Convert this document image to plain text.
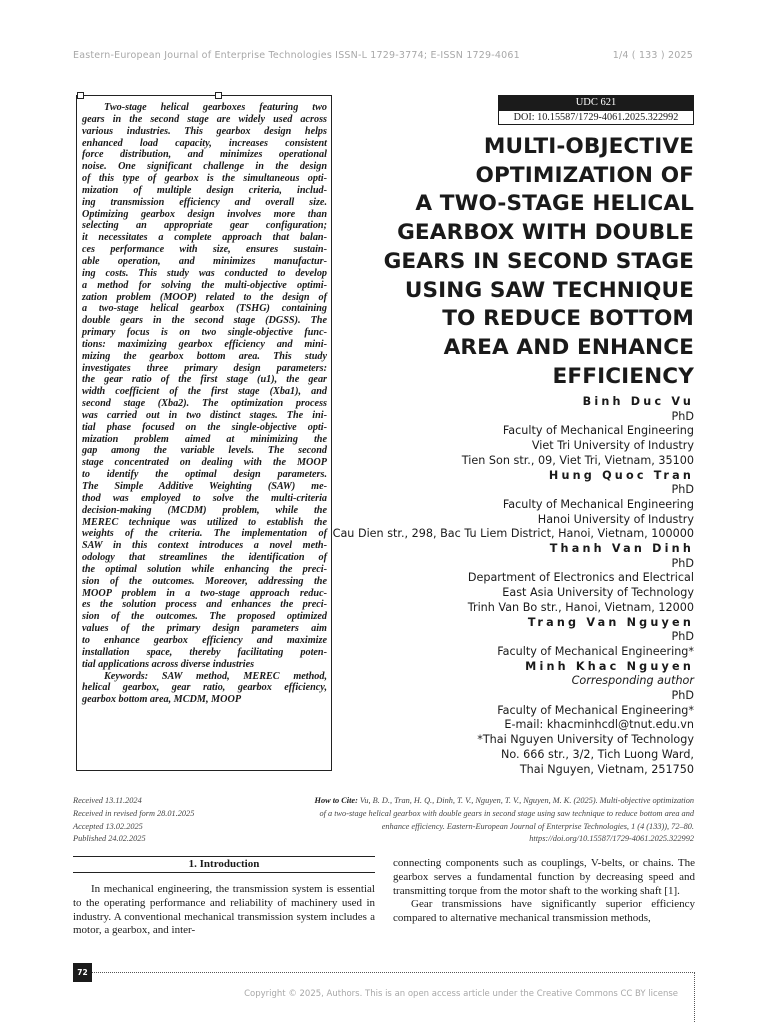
Eastern-European Journal of Enterprise Technologies ISSN-L 1729-3774; E-ISSN 1729-4061	1/4 ( 133 ) 2025
Two-stage helical gearboxes featuring two
gears in the second stage are widely used across
various industries. This gearbox design helps
enhanced load capacity, increases consistent
force distribution, and minimizes operational
noise. One significant challenge in the design
of this type of gearbox is the simultaneous opti-
mization of multiple design criteria, includ-
ing transmission efficiency and overall size.
Optimizing gearbox design involves more than
selecting an appropriate gear configuration;
it necessitates a complete approach that balan-
ces performance with size, ensures sustain-
able operation, and minimizes manufactur-
ing costs. This study was conducted to develop
a method for solving the multi-objective optimi-
zation problem (MOOP) related to the design of
a two-stage helical gearbox (TSHG) containing
double gears in the second stage (DGSS). The
primary focus is on two single-objective func-
tions: maximizing gearbox efficiency and mini-
mizing the gearbox bottom area. This study
investigates three primary design parameters:
the gear ratio of the first stage (u1), the gear
width coefficient of the first stage (Xba1), and
second stage (Xba2). The optimization process
was carried out in two distinct stages. The ini-
tial phase focused on the single-objective opti-
mization problem aimed at minimizing the
gap among the variable levels. The second
stage concentrated on dealing with the MOOP
to identify the optimal design parameters.
The Simple Additive Weighting (SAW) me-
thod was employed to solve the multi-criteria
decision-making (MCDM) problem, while the
MEREC technique was utilized to establish the
weights of the criteria. The implementation of
SAW in this context introduces a novel meth-
odology that streamlines the identification of
the optimal solution while enhancing the preci-
sion of the outcomes. Moreover, addressing the
MOOP problem in a two-stage approach reduc-
es the solution process and enhances the preci-
sion of the outcomes. The proposed optimized
values of the primary design parameters aim
to enhance gearbox efficiency and maximize
installation space, thereby facilitating poten-
tial applications across diverse industries
Keywords: SAW method, MEREC method,
helical gearbox, gear ratio, gearbox efficiency,
gearbox bottom area, MCDM, MOOP
UDC 621
DOI: 10.15587/1729-4061.2025.322992
MULTI-OBJECTIVE
OPTIMIZATION OF
A TWO-STAGE HELICAL
GEARBOX WITH DOUBLE
GEARS IN SECOND STAGE
USING SAW TECHNIQUE
TO REDUCE BOTTOM
AREA AND ENHANCE
EFFICIENCY
Binh Duc Vu
PhD
Faculty of Mechanical Engineering
Viet Tri University of Industry
Tien Son str., 09, Viet Tri, Vietnam, 35100
Hung Quoc Tran
PhD
Faculty of Mechanical Engineering
Hanoi University of Industry
Cau Dien str., 298, Bac Tu Liem District, Hanoi, Vietnam, 100000
Thanh Van Dinh
PhD
Department of Electronics and Electrical
East Asia University of Technology
Trinh Van Bo str., Hanoi, Vietnam, 12000
Trang Van Nguyen
PhD
Faculty of Mechanical Engineering*
Minh Khac Nguyen
Corresponding author
PhD
Faculty of Mechanical Engineering*
E-mail: khacminhcdl@tnut.edu.vn
*Thai Nguyen University of Technology
No. 666 str., 3/2, Tich Luong Ward,
Thai Nguyen, Vietnam, 251750
Received 13.11.2024
Received in revised form 28.01.2025
Accepted 13.02.2025
Published 24.02.2025
How to Cite: Vu, B. D., Tran, H. Q., Dinh, T. V., Nguyen, T. V., Nguyen, M. K. (2025). Multi-objective optimization
of a two-stage helical gearbox with double gears in second stage using saw technique to reduce bottom area and
enhance efficiency. Eastern-European Journal of Enterprise Technologies, 1 (4 (133)), 72–80.
https://doi.org/10.15587/1729-4061.2025.322992
1. Introduction

In mechanical engineering, the transmission system is essential to the operating performance and reliability of machinery used in industry. A conventional mechanical transmission system includes a motor, a gearbox, and inter-

connecting components such as couplings, V-belts, or chains. The gearbox serves a fundamental function by decreasing speed and transmitting torque from the motor shaft to the working shaft [1].

Gear transmissions have significantly superior efficiency compared to alternative mechanical transmission methods,

72
Copyright © 2025, Authors. This is an open access article under the Creative Commons CC BY license
